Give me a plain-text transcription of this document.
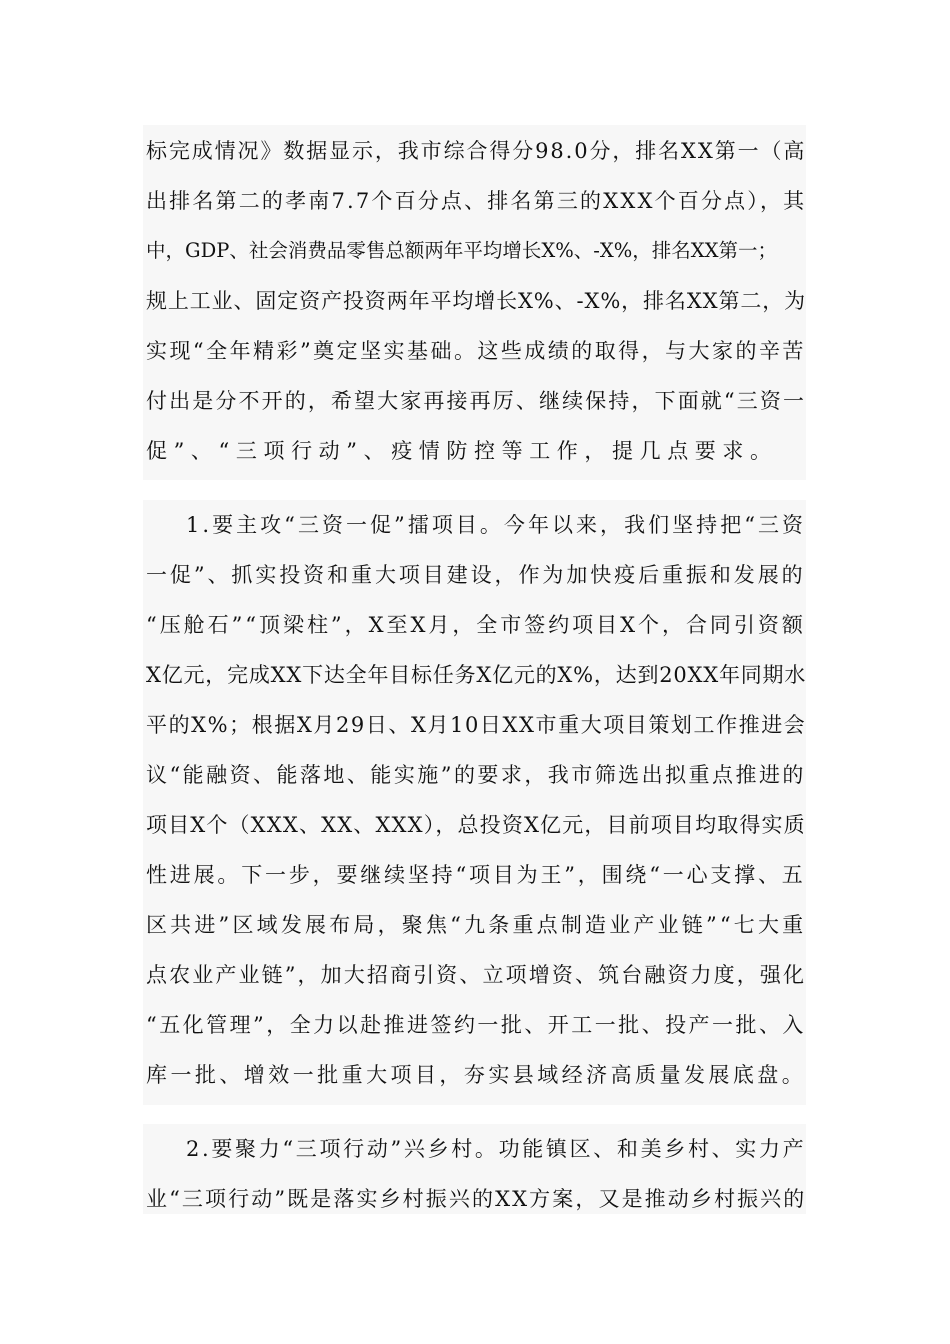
标完成情况》数据显示，我市综合得分98.0分，排名XX第一（高
出排名第二的孝南7.7个百分点、排名第三的XXX个百分点），其
中，GDP、社会消费品零售总额两年平均增长X%、-X%，排名XX第一；
规上工业、固定资产投资两年平均增长X%、-X%，排名XX第二，为
实现“全年精彩”奠定坚实基础。这些成绩的取得，与大家的辛苦
付出是分不开的，希望大家再接再厉、继续保持，下面就“三资一
促”、“三项行动”、疫情防控等工作，提几点要求。
1.要主攻“三资一促”擂项目。今年以来，我们坚持把“三资
一促”、抓实投资和重大项目建设，作为加快疫后重振和发展的
“压舱石”“顶梁柱”，X至X月，全市签约项目X个，合同引资额
X亿元，完成XX下达全年目标任务X亿元的X%，达到20XX年同期水
平的X%；根据X月29日、X月10日XX市重大项目策划工作推进会
议“能融资、能落地、能实施”的要求，我市筛选出拟重点推进的
项目X个（XXX、XX、XXX），总投资X亿元，目前项目均取得实质
性进展。下一步，要继续坚持“项目为王”，围绕“一心支撑、五
区共进”区域发展布局，聚焦“九条重点制造业产业链”“七大重
点农业产业链”，加大招商引资、立项增资、筑台融资力度，强化
“五化管理”，全力以赴推进签约一批、开工一批、投产一批、入
库一批、增效一批重大项目，夯实县域经济高质量发展底盘。
2.要聚力“三项行动”兴乡村。功能镇区、和美乡村、实力产
业“三项行动”既是落实乡村振兴的XX方案，又是推动乡村振兴的
